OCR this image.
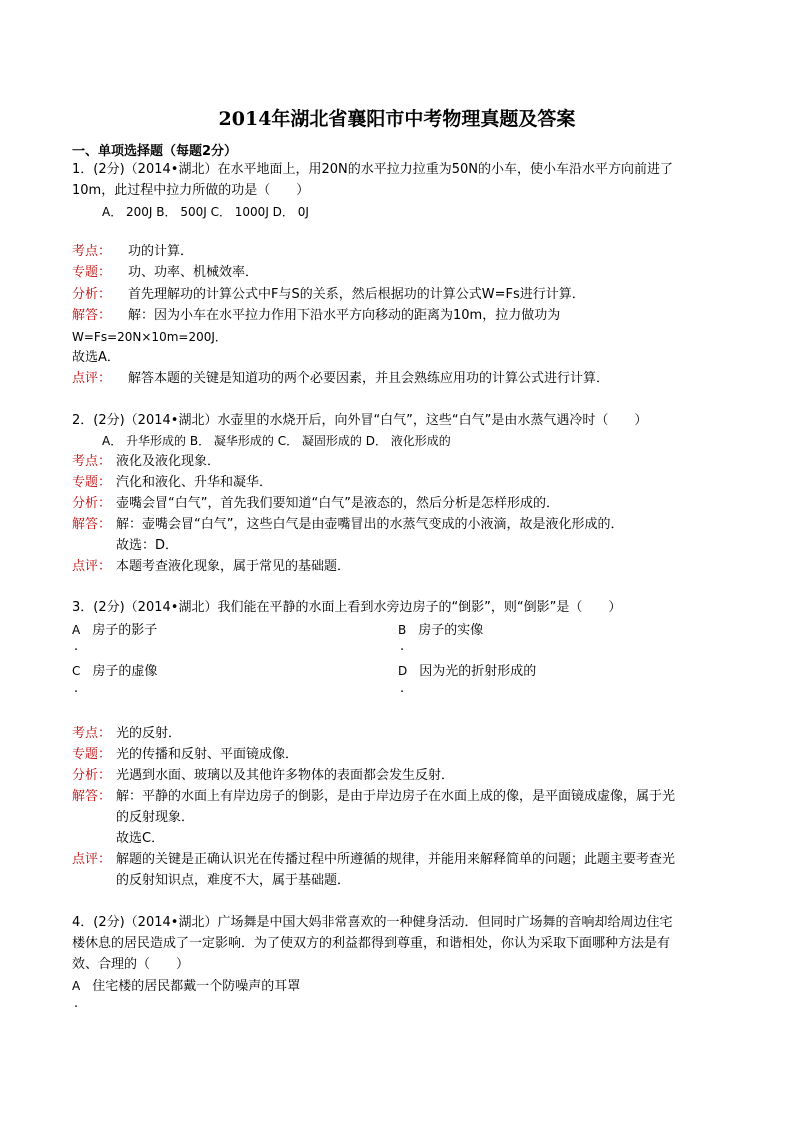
2014年湖北省襄阳市中考物理真题及答案
一、单项选择题（每题2分）
1．(2分)（2014•湖北）在水平地面上，用20N的水平拉力拉重为50N的小车，使小车沿水平方向前进了
10m，此过程中拉力所做的功是（　　）
A． 200J B． 500J C． 1000J D． 0J
考点： 功的计算．
专题： 功、功率、机械效率．
分析： 首先理解功的计算公式中F与S的关系，然后根据功的计算公式W=Fs进行计算．
解答： 解：因为小车在水平拉力作用下沿水平方向移动的距离为10m，拉力做功为
W=Fs=20N×10m=200J．
故选A．
点评： 解答本题的关键是知道功的两个必要因素，并且会熟练应用功的计算公式进行计算．
2．(2分)（2014•湖北）水壶里的水烧开后，向外冒“白气”，这些“白气”是由水蒸气遇冷时（　　）
A． 升华形成的 B． 凝华形成的 C． 凝固形成的 D． 液化形成的
考点： 液化及液化现象．
专题： 汽化和液化、升华和凝华．
分析： 壶嘴会冒“白气”，首先我们要知道“白气”是液态的，然后分析是怎样形成的．
解答： 解：壶嘴会冒“白气”，这些白气是由壶嘴冒出的水蒸气变成的小液滴，故是液化形成的．
故选：D．
点评： 本题考查液化现象，属于常见的基础题．
3．(2分)（2014•湖北）我们能在平静的水面上看到水旁边房子的“倒影”，则“倒影”是（　　）
A 房子的影子
.
B 房子的实像
.
C 房子的虚像
.
D 因为光的折射形成的
.
考点： 光的反射．
专题： 光的传播和反射、平面镜成像．
分析： 光遇到水面、玻璃以及其他许多物体的表面都会发生反射．
解答： 解：平静的水面上有岸边房子的倒影，是由于岸边房子在水面上成的像，是平面镜成虚像，属于光
的反射现象．
故选C．
点评： 解题的关键是正确认识光在传播过程中所遵循的规律，并能用来解释简单的问题；此题主要考查光
的反射知识点，难度不大，属于基础题．
4．(2分)（2014•湖北）广场舞是中国大妈非常喜欢的一种健身活动．但同时广场舞的音响却给周边住宅
楼休息的居民造成了一定影响．为了使双方的利益都得到尊重，和谐相处，你认为采取下面哪种方法是有
效、合理的（　　）
A 住宅楼的居民都戴一个防噪声的耳罩
.
